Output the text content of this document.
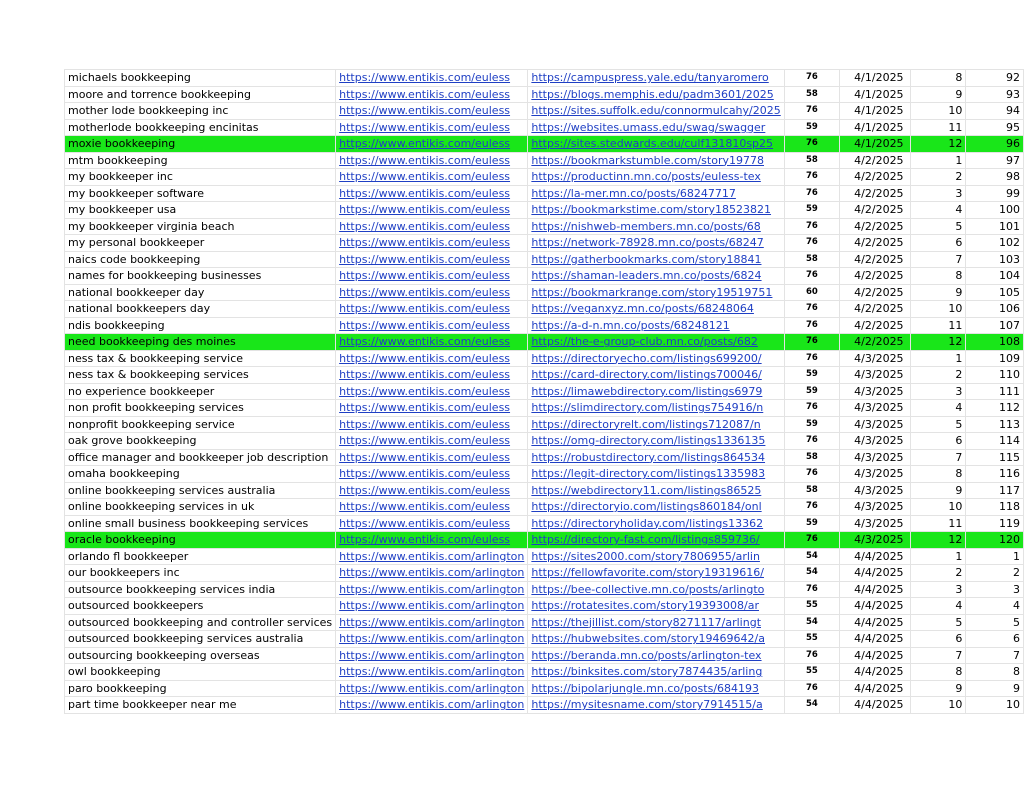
michaels bookkeeping	https://www.entikis.com/euless	https://campuspress.yale.edu/tanyaromero	76	4/1/2025	8	92
moore and torrence bookkeeping	https://www.entikis.com/euless	https://blogs.memphis.edu/padm3601/2025	58	4/1/2025	9	93
mother lode bookkeeping inc	https://www.entikis.com/euless	https://sites.suffolk.edu/connormulcahy/2025	76	4/1/2025	10	94
motherlode bookkeeping encinitas	https://www.entikis.com/euless	https://websites.umass.edu/swag/swagger	59	4/1/2025	11	95
moxie bookkeeping	https://www.entikis.com/euless	https://sites.stedwards.edu/culf131810sp25	76	4/1/2025	12	96
mtm bookkeeping	https://www.entikis.com/euless	https://bookmarkstumble.com/story19778	58	4/2/2025	1	97
my bookkeeper inc	https://www.entikis.com/euless	https://productinn.mn.co/posts/euless-tex	76	4/2/2025	2	98
my bookkeeper software	https://www.entikis.com/euless	https://la-mer.mn.co/posts/68247717	76	4/2/2025	3	99
my bookkeeper usa	https://www.entikis.com/euless	https://bookmarkstime.com/story18523821	59	4/2/2025	4	100
my bookkeeper virginia beach	https://www.entikis.com/euless	https://nishweb-members.mn.co/posts/68	76	4/2/2025	5	101
my personal bookkeeper	https://www.entikis.com/euless	https://network-78928.mn.co/posts/68247	76	4/2/2025	6	102
naics code bookkeeping	https://www.entikis.com/euless	https://gatherbookmarks.com/story18841	58	4/2/2025	7	103
names for bookkeeping businesses	https://www.entikis.com/euless	https://shaman-leaders.mn.co/posts/6824	76	4/2/2025	8	104
national bookkeeper day	https://www.entikis.com/euless	https://bookmarkrange.com/story19519751	60	4/2/2025	9	105
national bookkeepers day	https://www.entikis.com/euless	https://veganxyz.mn.co/posts/68248064	76	4/2/2025	10	106
ndis bookkeeping	https://www.entikis.com/euless	https://a-d-n.mn.co/posts/68248121	76	4/2/2025	11	107
need bookkeeping des moines	https://www.entikis.com/euless	https://the-e-group-club.mn.co/posts/682	76	4/2/2025	12	108
ness tax & bookkeeping service	https://www.entikis.com/euless	https://directoryecho.com/listings699200/	76	4/3/2025	1	109
ness tax & bookkeeping services	https://www.entikis.com/euless	https://card-directory.com/listings700046/	59	4/3/2025	2	110
no experience bookkeeper	https://www.entikis.com/euless	https://limawebdirectory.com/listings6979	59	4/3/2025	3	111
non profit bookkeeping services	https://www.entikis.com/euless	https://slimdirectory.com/listings754916/n	76	4/3/2025	4	112
nonprofit bookkeeping service	https://www.entikis.com/euless	https://directoryrelt.com/listings712087/n	59	4/3/2025	5	113
oak grove bookkeeping	https://www.entikis.com/euless	https://omg-directory.com/listings1336135	76	4/3/2025	6	114
office manager and bookkeeper job description	https://www.entikis.com/euless	https://robustdirectory.com/listings864534	58	4/3/2025	7	115
omaha bookkeeping	https://www.entikis.com/euless	https://legit-directory.com/listings1335983	76	4/3/2025	8	116
online bookkeeping services australia	https://www.entikis.com/euless	https://webdirectory11.com/listings86525	58	4/3/2025	9	117
online bookkeeping services in uk	https://www.entikis.com/euless	https://directoryio.com/listings860184/onl	76	4/3/2025	10	118
online small business bookkeeping services	https://www.entikis.com/euless	https://directoryholiday.com/listings13362	59	4/3/2025	11	119
oracle bookkeeping	https://www.entikis.com/euless	https://directory-fast.com/listings859736/	76	4/3/2025	12	120
orlando fl bookkeeper	https://www.entikis.com/arlington	https://sites2000.com/story7806955/arlin	54	4/4/2025	1	1
our bookkeepers inc	https://www.entikis.com/arlington	https://fellowfavorite.com/story19319616/	54	4/4/2025	2	2
outsource bookkeeping services india	https://www.entikis.com/arlington	https://bee-collective.mn.co/posts/arlingto	76	4/4/2025	3	3
outsourced bookkeepers	https://www.entikis.com/arlington	https://rotatesites.com/story19393008/ar	55	4/4/2025	4	4
outsourced bookkeeping and controller services	https://www.entikis.com/arlington	https://thejillist.com/story8271117/arlingt	54	4/4/2025	5	5
outsourced bookkeeping services australia	https://www.entikis.com/arlington	https://hubwebsites.com/story19469642/a	55	4/4/2025	6	6
outsourcing bookkeeping overseas	https://www.entikis.com/arlington	https://beranda.mn.co/posts/arlington-tex	76	4/4/2025	7	7
owl bookkeeping	https://www.entikis.com/arlington	https://binksites.com/story7874435/arling	55	4/4/2025	8	8
paro bookkeeping	https://www.entikis.com/arlington	https://bipolarjungle.mn.co/posts/684193	76	4/4/2025	9	9
part time bookkeeper near me	https://www.entikis.com/arlington	https://mysitesname.com/story7914515/a	54	4/4/2025	10	10
